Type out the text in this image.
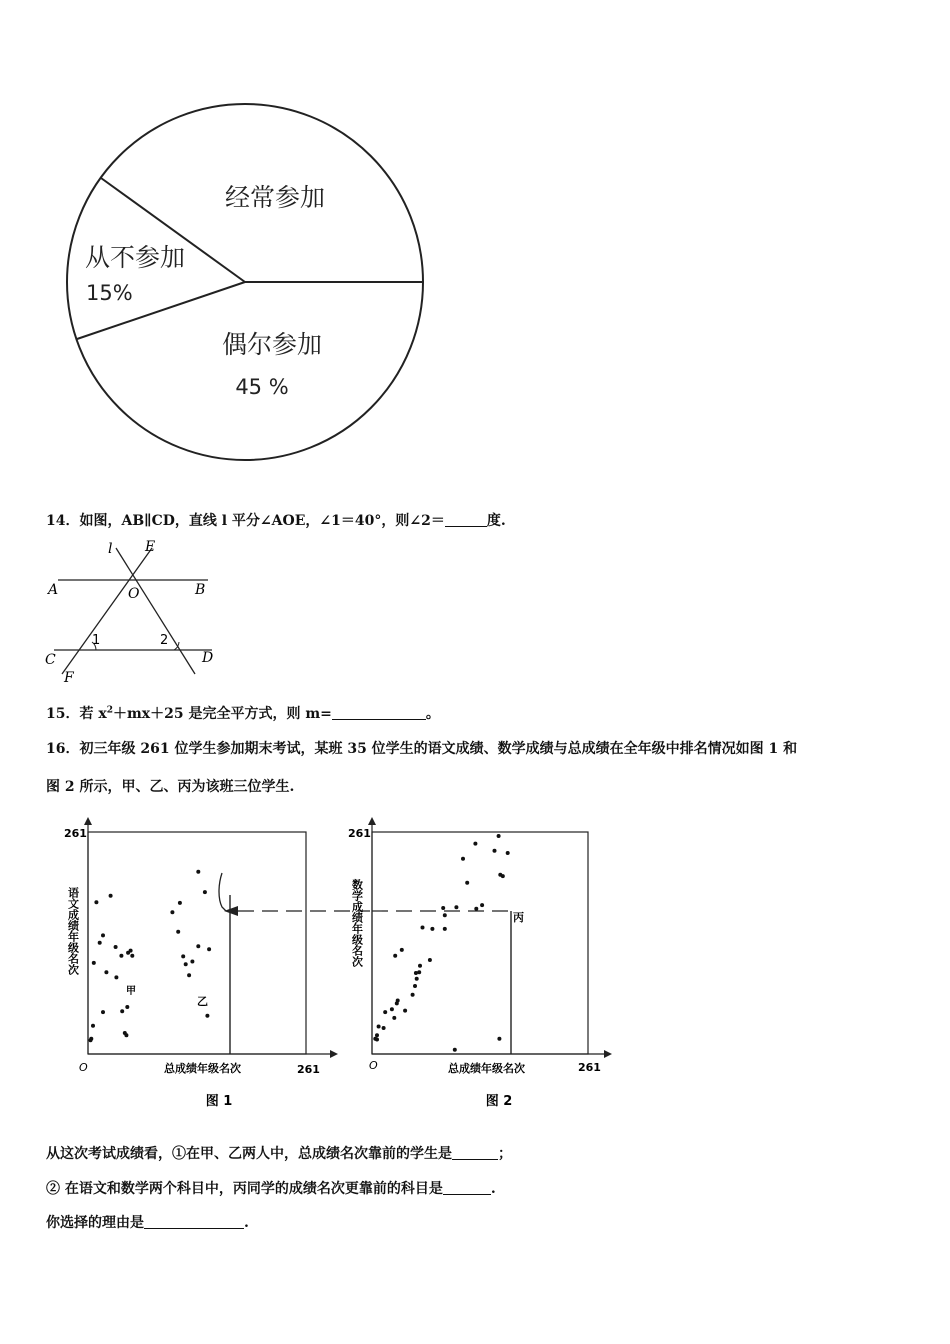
经常参加
从不参加
15%
偶尔参加
45 %
14．如图，AB∥CD，直线 l 平分∠AOE，∠1＝40°，则∠2＝	度.
l E
A	O	B
1	2
C	D
F
15．若 $x^2+mx+25$ 是完全平方式，则 m=	。
16．初三年级 261 位学生参加期末考试，某班 35 位学生的语文成绩、数学成绩与总成绩在全年级中排名情况如图 1 和
图 2 所示，甲、乙、丙为该班三位学生.
261
语文成绩年级名次
O	总成绩年级名次	261
图 1
甲
乙
261
数学成绩年级名次
O	总成绩年级名次	261
图 2
丙
从这次考试成绩看，①在甲、乙两人中，总成绩名次靠前的学生是	；
② 在语文和数学两个科目中，丙同学的成绩名次更靠前的科目是	.
你选择的理由是	.
